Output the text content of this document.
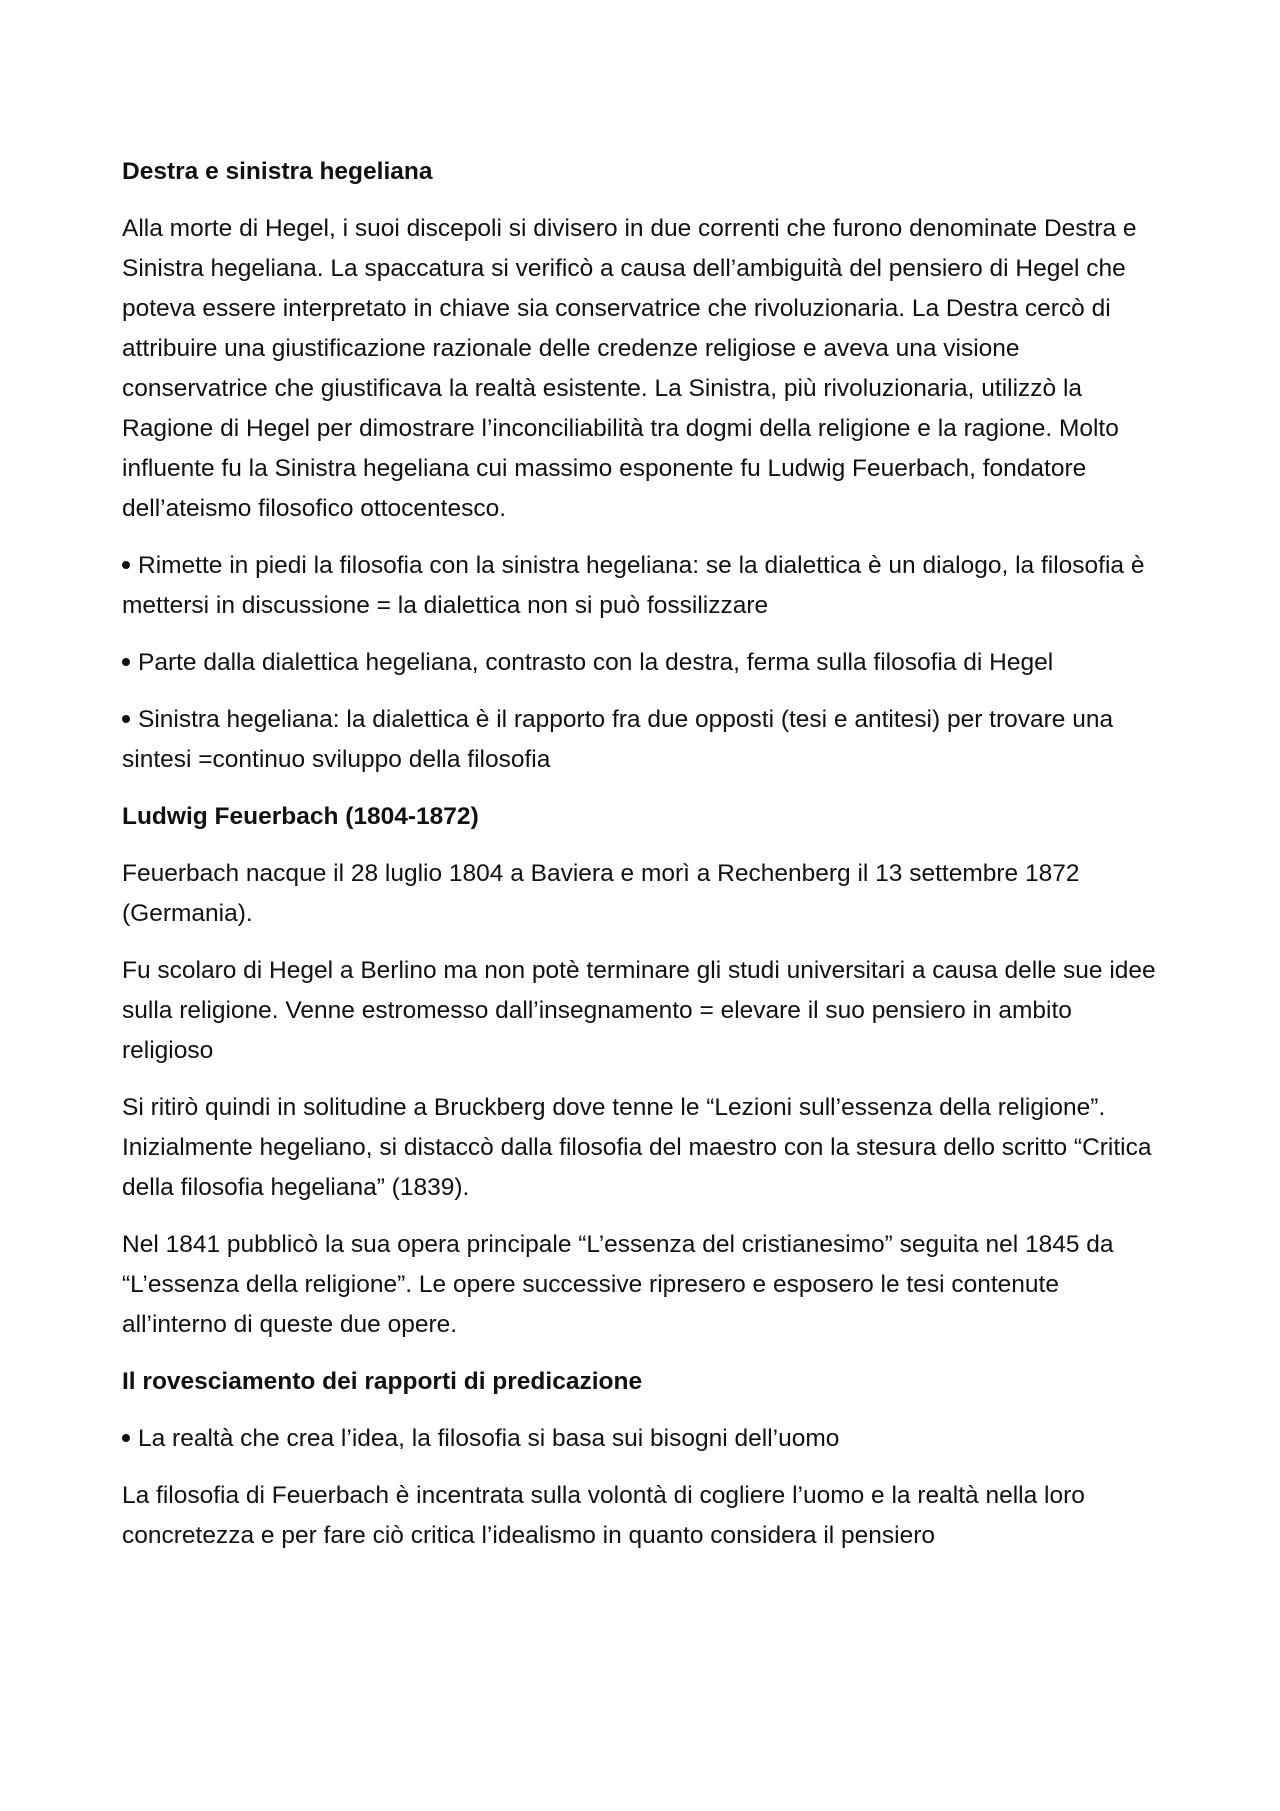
Destra e sinistra hegeliana

Alla morte di Hegel, i suoi discepoli si divisero in due correnti che furono denominate Destra e Sinistra hegeliana. La spaccatura si verificò a causa dell’ambiguità del pensiero di Hegel che poteva essere interpretato in chiave sia conservatrice che rivoluzionaria. La Destra cercò di attribuire una giustificazione razionale delle credenze religiose e aveva una visione conservatrice che giustificava la realtà esistente. La Sinistra, più rivoluzionaria, utilizzò la Ragione di Hegel per dimostrare l’inconciliabilità tra dogmi della religione e la ragione. Molto influente fu la Sinistra hegeliana cui massimo esponente fu Ludwig Feuerbach, fondatore dell’ateismo filosofico ottocentesco.

Rimette in piedi la filosofia con la sinistra hegeliana: se la dialettica è un dialogo, la filosofia è mettersi in discussione = la dialettica non si può fossilizzare

Parte dalla dialettica hegeliana, contrasto con la destra, ferma sulla filosofia di Hegel

Sinistra hegeliana: la dialettica è il rapporto fra due opposti (tesi e antitesi) per trovare una sintesi =continuo sviluppo della filosofia

Ludwig Feuerbach (1804-1872)

Feuerbach nacque il 28 luglio 1804 a Baviera e morì a Rechenberg il 13 settembre 1872 (Germania).

Fu scolaro di Hegel a Berlino ma non potè terminare gli studi universitari a causa delle sue idee sulla religione. Venne estromesso dall’insegnamento = elevare il suo pensiero in ambito religioso

Si ritirò quindi in solitudine a Bruckberg dove tenne le “Lezioni sull’essenza della religione”. Inizialmente hegeliano, si distaccò dalla filosofia del maestro con la stesura dello scritto “Critica della filosofia hegeliana” (1839).

Nel 1841 pubblicò la sua opera principale “L’essenza del cristianesimo” seguita nel 1845 da “L’essenza della religione”. Le opere successive ripresero e esposero le tesi contenute all’interno di queste due opere.

Il rovesciamento dei rapporti di predicazione

La realtà che crea l’idea, la filosofia si basa sui bisogni dell’uomo

La filosofia di Feuerbach è incentrata sulla volontà di cogliere l’uomo e la realtà nella loro concretezza e per fare ciò critica l’idealismo in quanto considera il pensiero
